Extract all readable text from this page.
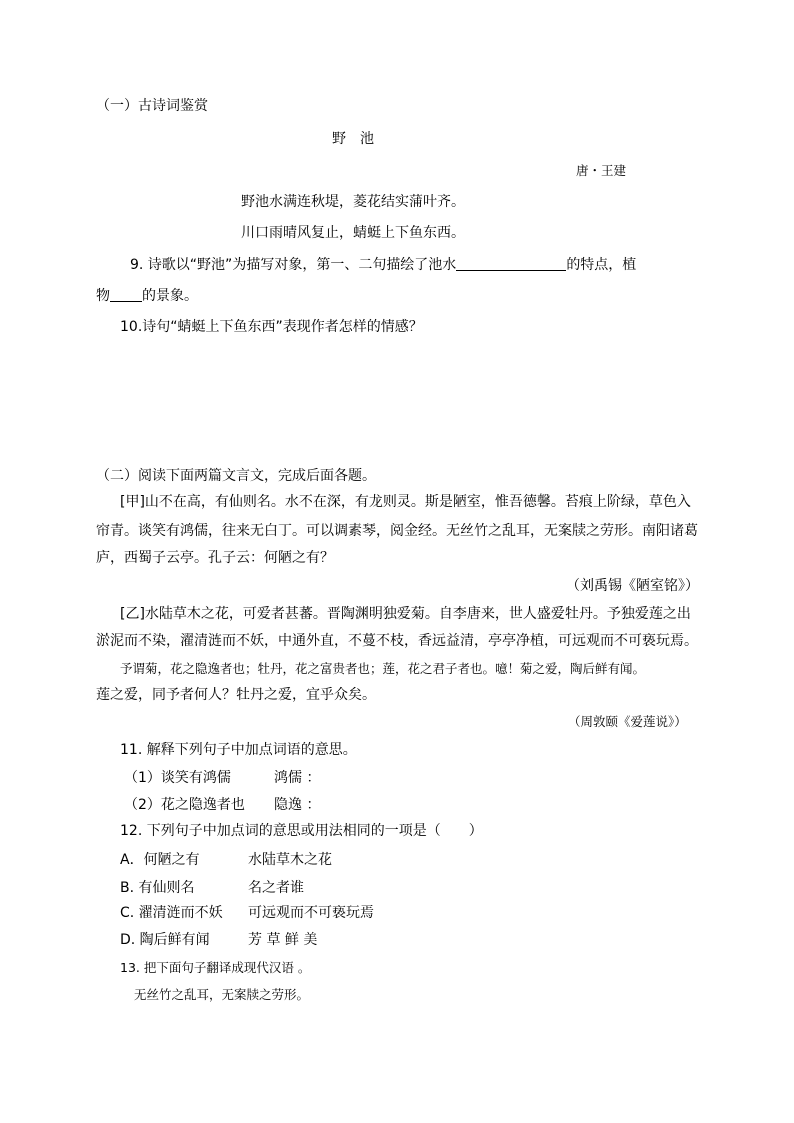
（一）古诗词鉴赏
野　池
唐・王建
野池水满连秋堤，菱花结实蒲叶齐。
川口雨晴风复止，蜻蜓上下鱼东西。
9. 诗歌以“野池”为描写对象，第一、二句描绘了池水	的特点，植
物 的景象。
10.诗句“蜻蜓上下鱼东西”表现作者怎样的情感？
（二）阅读下面两篇文言文，完成后面各题。
[甲]山不在高，有仙则名。水不在深，有龙则灵。斯是陋室，惟吾德馨。苔痕上阶绿，草色入
帘青。谈笑有鸿儒，往来无白丁。可以调素琴，阅金经。无丝竹之乱耳，无案牍之劳形。南阳诸葛
庐，西蜀子云亭。孔子云：何陋之有？
（刘禹锡《陋室铭》）
[乙]水陆草木之花，可爱者甚蕃。晋陶渊明独爱菊。自李唐来，世人盛爱牡丹。予独爱莲之出
淤泥而不染，濯清涟而不妖，中通外直，不蔓不枝，香远益清，亭亭净植，可远观而不可亵玩焉。
予谓菊，花之隐逸者也；牡丹，花之富贵者也；莲，花之君子者也。噫！菊之爱，陶后鲜有闻。
莲之爱，同予者何人？牡丹之爱，宜乎众矣。
（周敦颐《爱莲说》）
11. 解释下列句子中加点词语的意思。
（1）谈笑有鸿儒	鸿儒 ：
（2）花之隐逸者也 隐逸 ：
12. 下列句子中加点词的意思或用法相同的一项是（　　）
A．何陋之有	水陆草木之花
B. 有仙则名	名之者谁
C. 濯清涟而不妖 可远观而不可亵玩焉
D. 陶后鲜有闻	芳 草 鲜 美
13. 把下面句子翻译成现代汉语 。
无丝竹之乱耳，无案牍之劳形。
